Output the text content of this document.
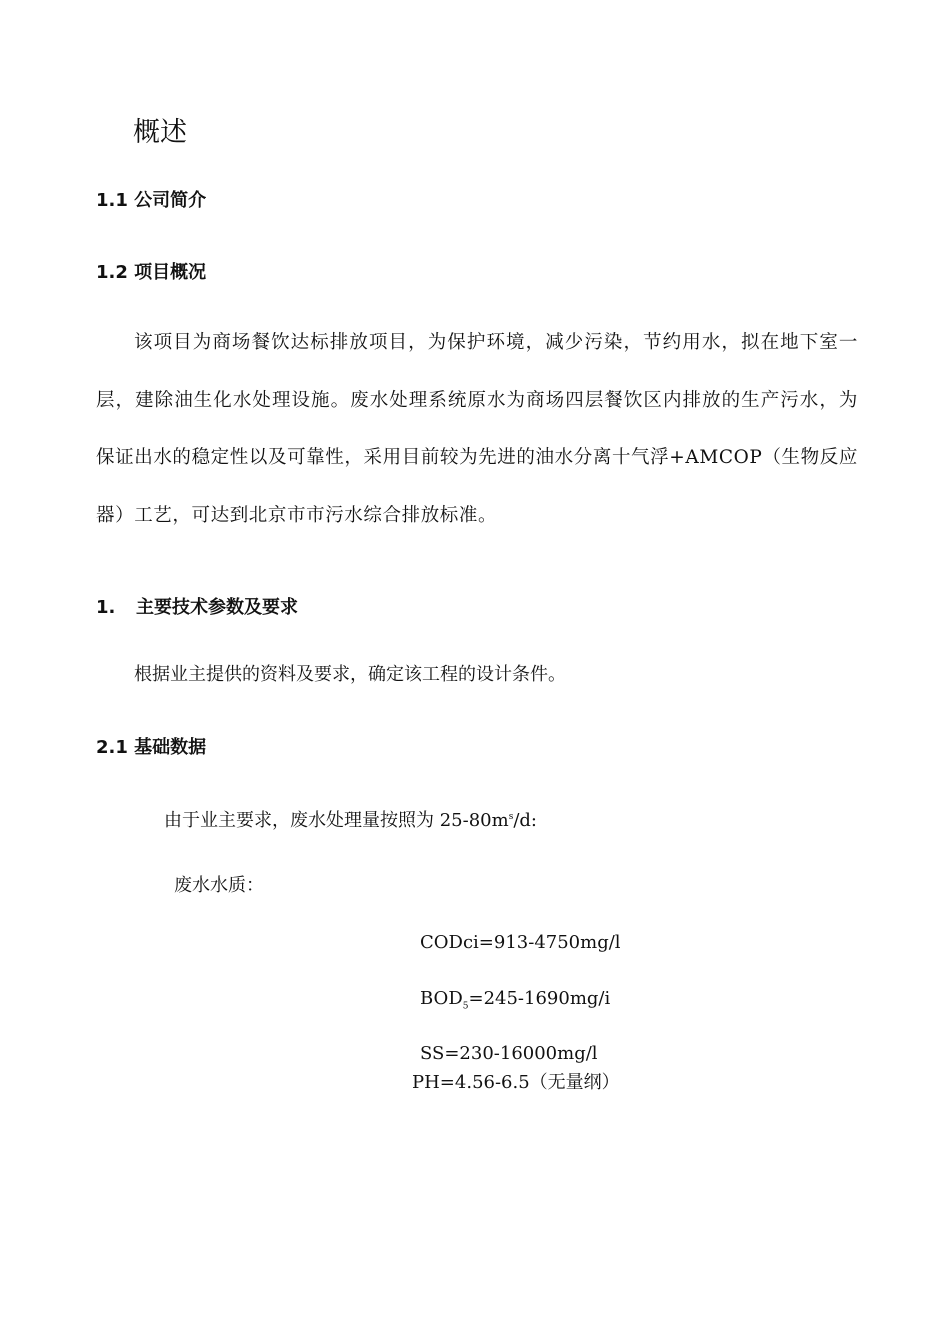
概述
1.1 公司简介
1.2 项目概况
该项目为商场餐饮达标排放项目，为保护环境，减少污染，节约用水，拟在地下室一层，建除油生化水处理设施。废水处理系统原水为商场四层餐饮区内排放的生产污水，为保证出水的稳定性以及可靠性，采用目前较为先进的油水分离十气浮+AMCOP（生物反应器）工艺，可达到北京市市污水综合排放标准。
1. 主要技术参数及要求
根据业主提供的资料及要求，确定该工程的设计条件。
2.1 基础数据
由于业主要求，废水处理量按照为 $25-80m^s/d$:
废水水质：
CODci=913-4750mg/l
$BOD_5=245-1690mg/i$
SS=230-16000mg/l
PH=4.56-6.5（无量纲）
